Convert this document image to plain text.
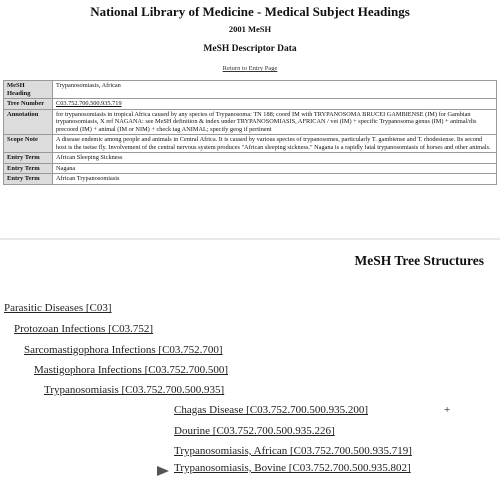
National Library of Medicine - Medical Subject Headings
2001 MeSH
MeSH Descriptor Data
Return to Entry Page
MeSH Heading	Trypanosomiasis, African
Tree Number	C03.752.700.500.935.719
Annotation	for trypanosomiasis in tropical Africa caused by any species of Trypanosoma: TN 188; coord IM with TRYPANOSOMA BRUCEI GAMBIENSE (IM) for Gambian trypanosomiasis, X ref NAGANA: see MeSH definition & index under TRYPANOSOMIASIS, AFRICAN / vet (IM) + specific Trypanosoma genus (IM) + animal/dis precoord (IM) + animal (IM or NIM) + check tag ANIMAL; specify geog if pertinent
Scope Note	A disease endemic among people and animals in Central Africa. It is caused by various species of trypanosomes, particularly T. gambiense and T. rhodesiense. Its second host is the tsetse fly. Involvement of the central nervous system produces "African sleeping sickness." Nagana is a rapidly fatal trypanosomiasis of horses and other animals.
Entry Term	African Sleeping Sickness
Entry Term	Nagana
Entry Term	African Trypanosomiasis
MeSH Tree Structures
Parasitic Diseases [C03]
Protozoan Infections [C03.752]
Sarcomastigophora Infections [C03.752.700]
Mastigophora Infections [C03.752.700.500]
Trypanosomiasis [C03.752.700.500.935]
Chagas Disease [C03.752.700.500.935.200]	+
Dourine [C03.752.700.500.935.226]
Trypanosomiasis, African [C03.752.700.500.935.719]
Trypanosomiasis, Bovine [C03.752.700.500.935.802]
